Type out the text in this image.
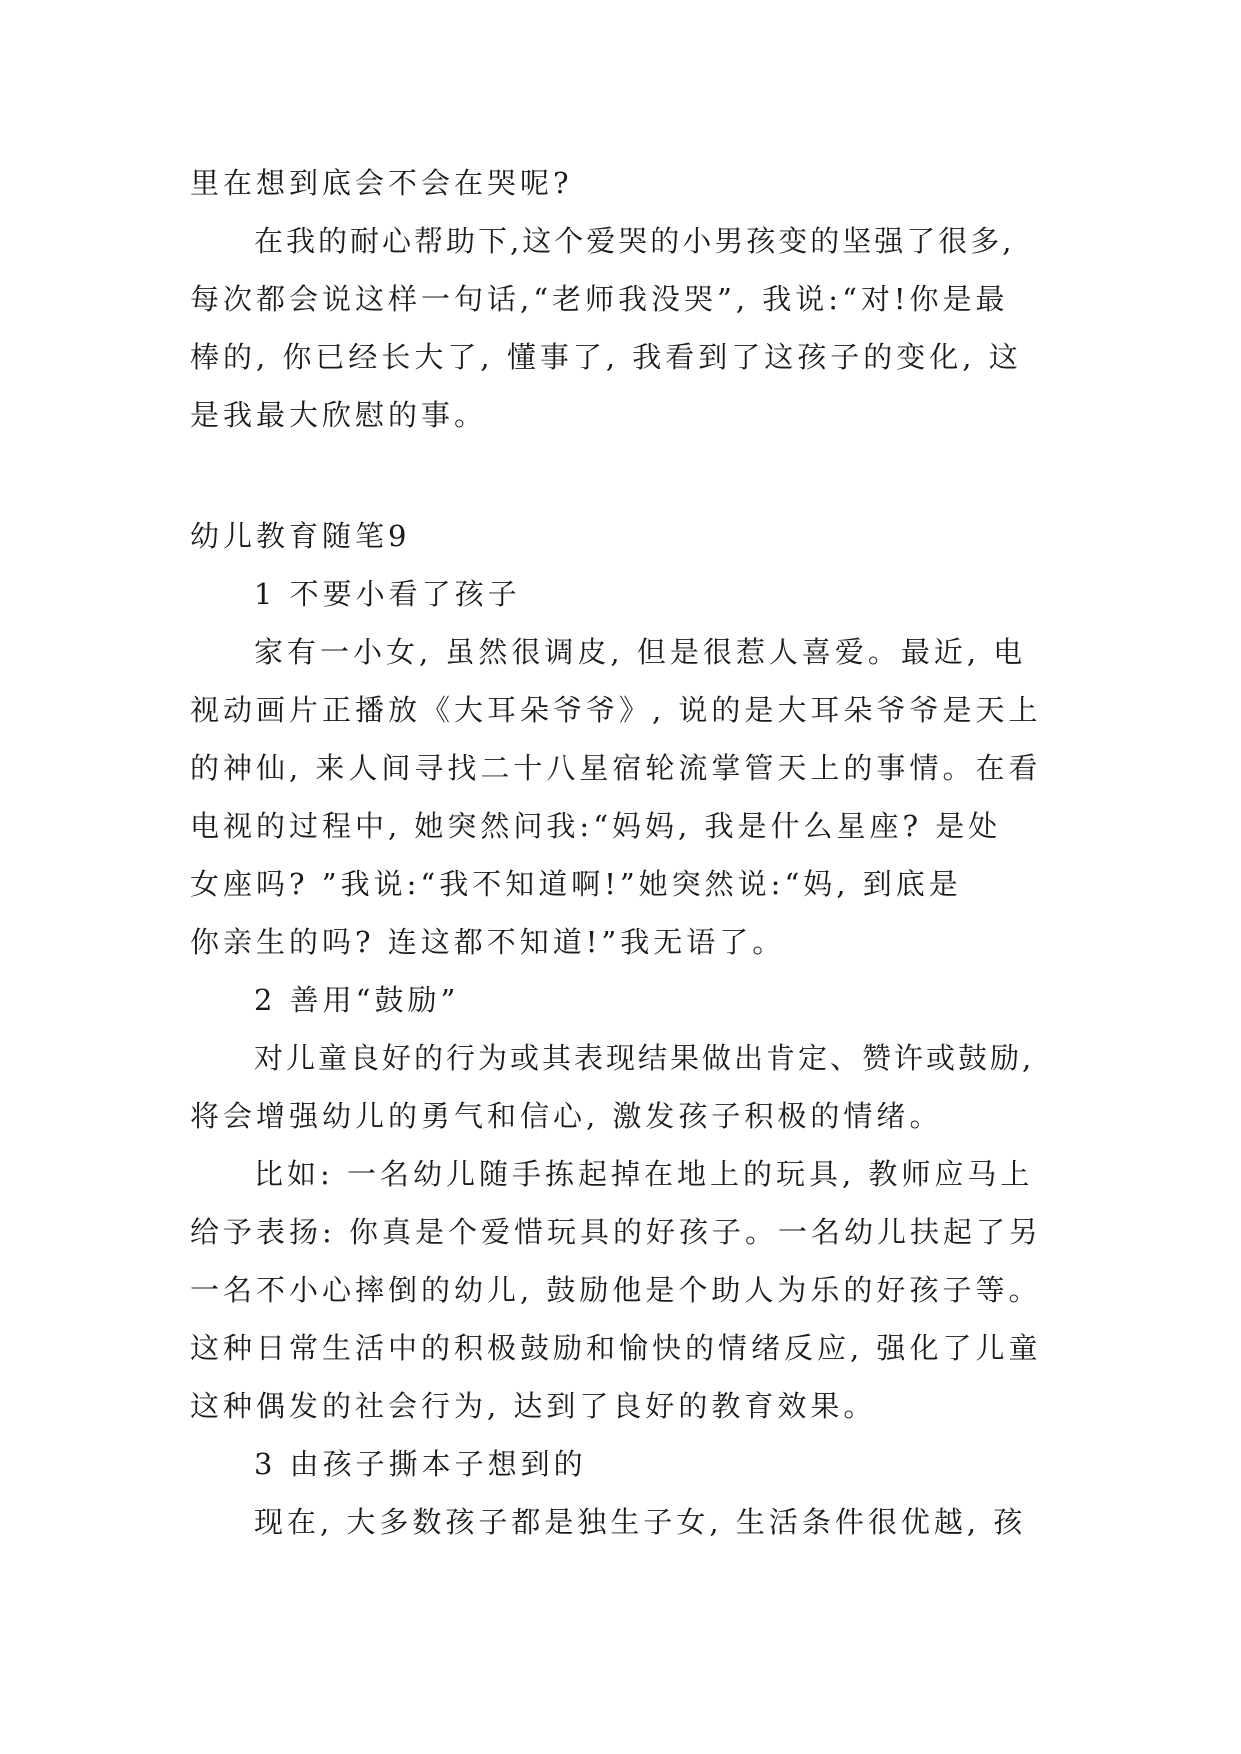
里在想到底会不会在哭呢?
在我的耐心帮助下,这个爱哭的小男孩变的坚强了很多,
每次都会说这样一句话,“老师我没哭”, 我说:“对!你是最
棒的, 你已经长大了, 懂事了, 我看到了这孩子的变化, 这
是我最大欣慰的事。
幼儿教育随笔9
1 不要小看了孩子
家有一小女, 虽然很调皮, 但是很惹人喜爱。最近, 电
视动画片正播放《大耳朵爷爷》, 说的是大耳朵爷爷是天上
的神仙, 来人间寻找二十八星宿轮流掌管天上的事情。在看
电视的过程中, 她突然问我:“妈妈, 我是什么星座? 是处
女座吗? ”我说:“我不知道啊!”她突然说:“妈, 到底是
你亲生的吗? 连这都不知道!”我无语了。
2 善用“鼓励”
对儿童良好的行为或其表现结果做出肯定、赞许或鼓励,
将会增强幼儿的勇气和信心, 激发孩子积极的情绪。
比如: 一名幼儿随手拣起掉在地上的玩具, 教师应马上
给予表扬: 你真是个爱惜玩具的好孩子。一名幼儿扶起了另
一名不小心摔倒的幼儿, 鼓励他是个助人为乐的好孩子等。
这种日常生活中的积极鼓励和愉快的情绪反应, 强化了儿童
这种偶发的社会行为, 达到了良好的教育效果。
3 由孩子撕本子想到的
现在, 大多数孩子都是独生子女, 生活条件很优越, 孩
